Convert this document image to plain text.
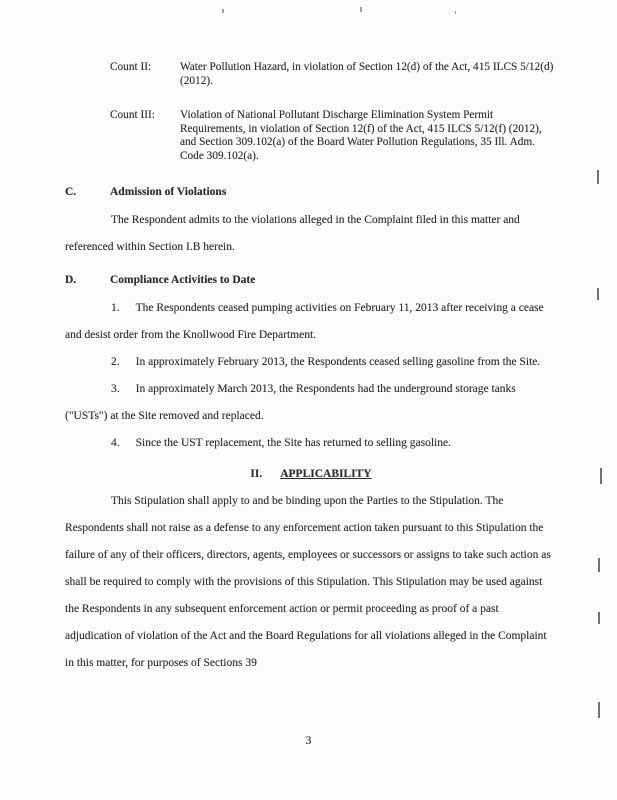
Count II:	Water Pollution Hazard, in violation of Section 12(d) of the Act, 415 ILCS 5/12(d) (2012).
Count III:	Violation of National Pollutant Discharge Elimination System Permit Requirements, in violation of Section 12(f) of the Act, 415 ILCS 5/12(f) (2012), and Section 309.102(a) of the Board Water Pollution Regulations, 35 Ill. Adm. Code 309.102(a).
C.	Admission of Violations

The Respondent admits to the violations alleged in the Complaint filed in this matter and referenced within Section I.B herein.

D.	Compliance Activities to Date

1. The Respondents ceased pumping activities on February 11, 2013 after receiving a cease and desist order from the Knollwood Fire Department.

2. In approximately February 2013, the Respondents ceased selling gasoline from the Site.

3. In approximately March 2013, the Respondents had the underground storage tanks ("USTs") at the Site removed and replaced.

4. Since the UST replacement, the Site has returned to selling gasoline.

II. APPLICABILITY

This Stipulation shall apply to and be binding upon the Parties to the Stipulation. The Respondents shall not raise as a defense to any enforcement action taken pursuant to this Stipulation the failure of any of their officers, directors, agents, employees or successors or assigns to take such action as shall be required to comply with the provisions of this Stipulation. This Stipulation may be used against the Respondents in any subsequent enforcement action or permit proceeding as proof of a past adjudication of violation of the Act and the Board Regulations for all violations alleged in the Complaint in this matter, for purposes of Sections 39

3
